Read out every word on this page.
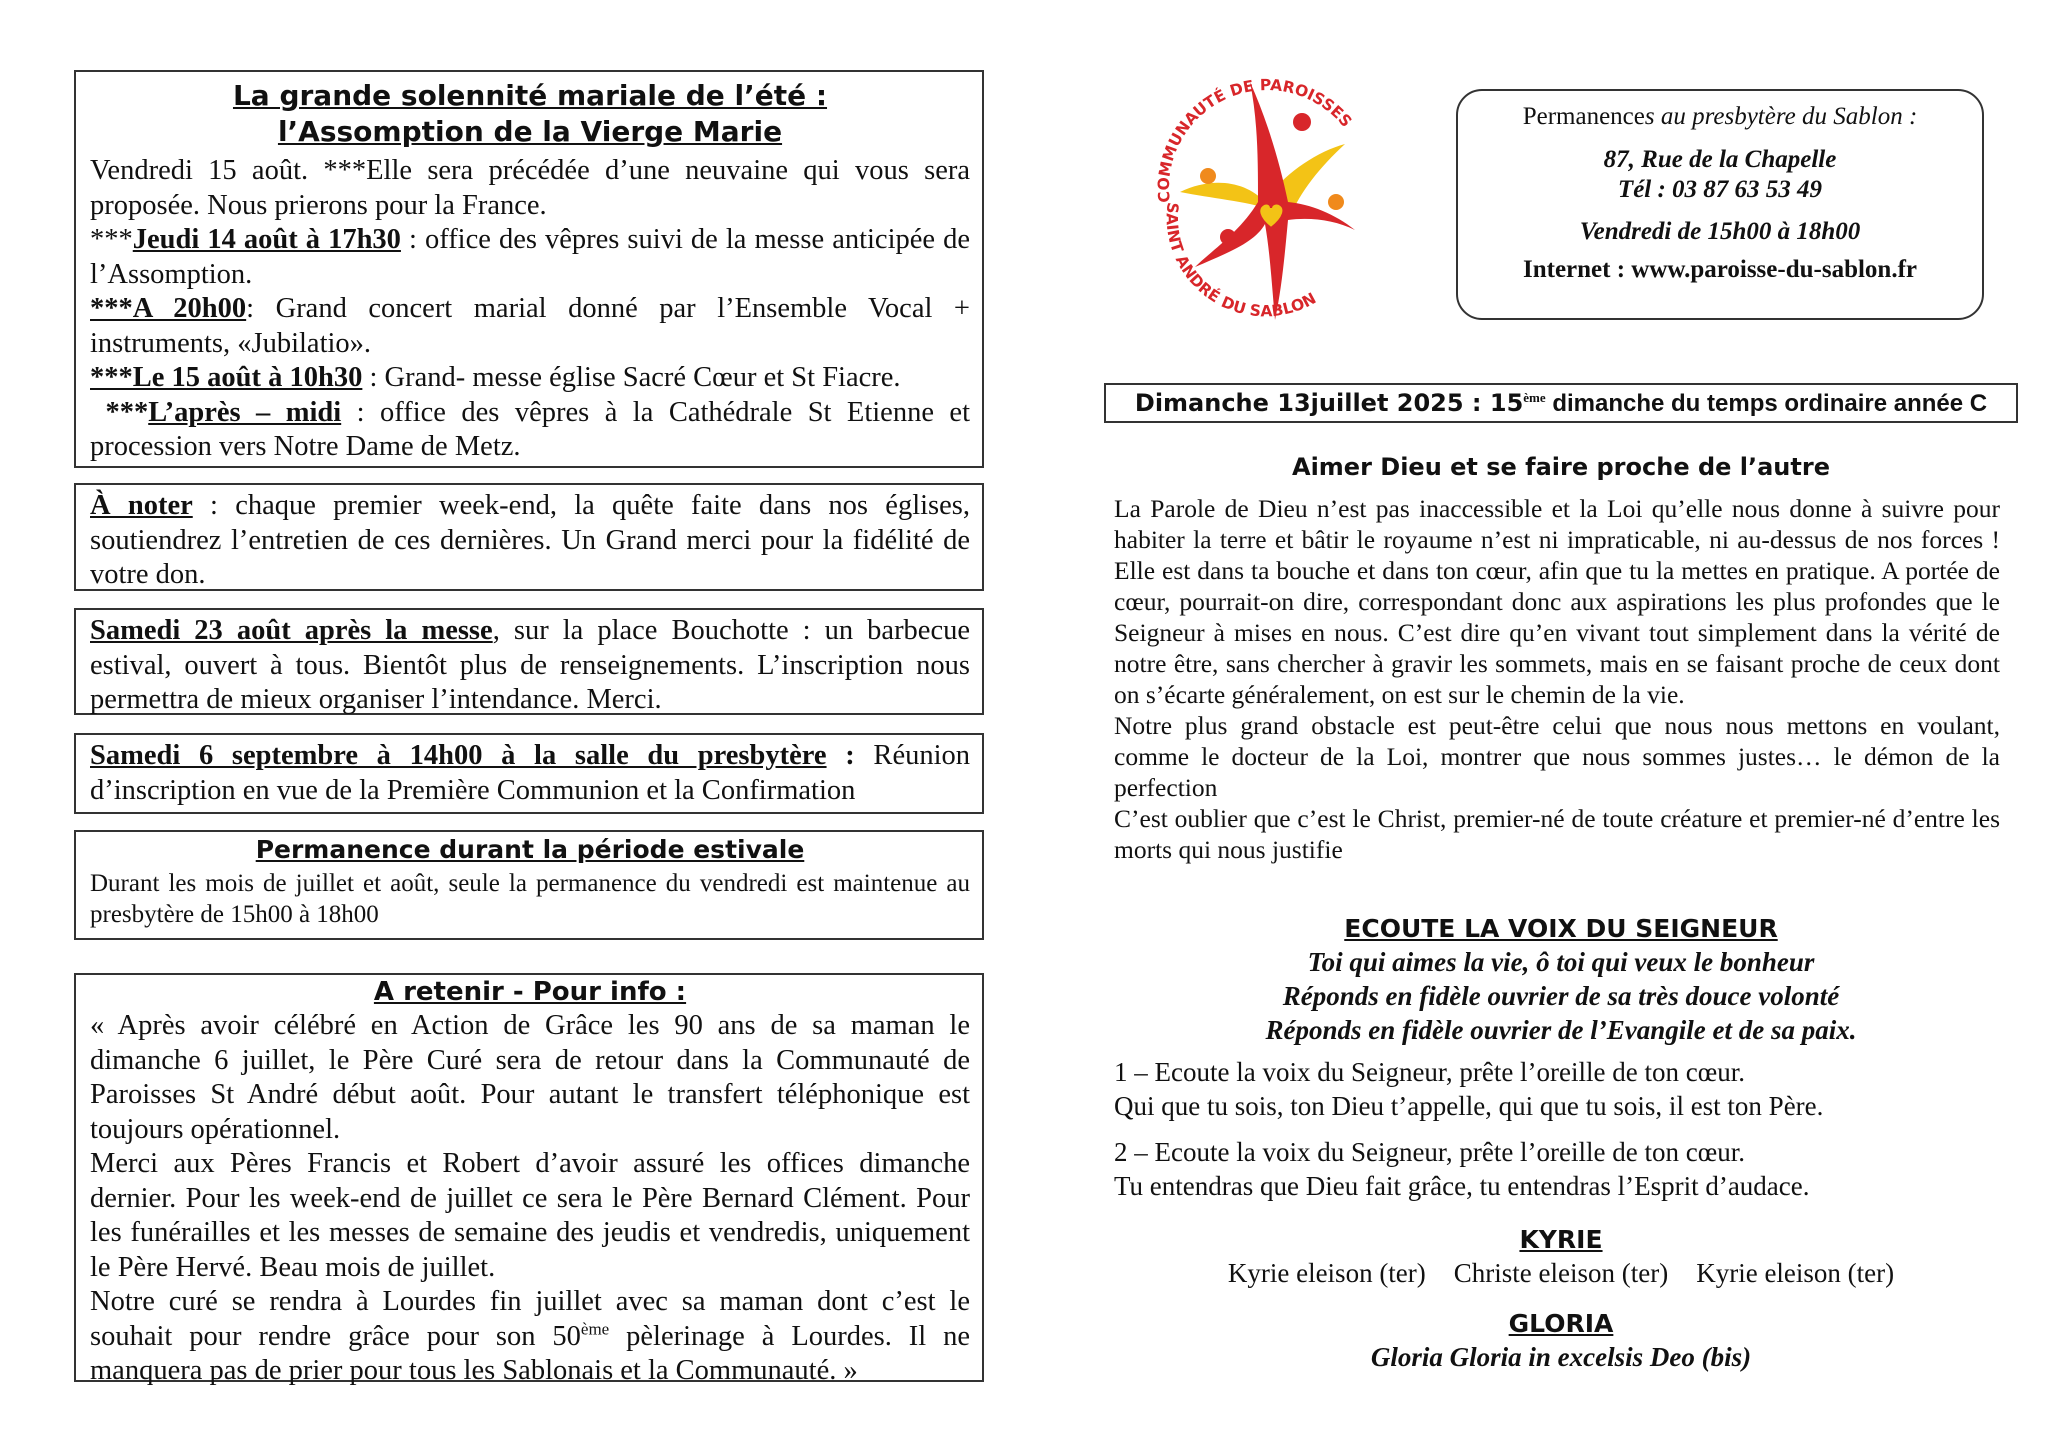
La grande solennité mariale de l’été :
l’Assomption de la Vierge Marie

Vendredi 15 août. ***Elle sera précédée d’une neuvaine qui vous sera proposée. Nous prierons pour la France.

***Jeudi 14 août à 17h30 : office des vêpres suivi de la messe anticipée de l’Assomption.

***A 20h00: Grand concert marial donné par l’Ensemble Vocal + instruments, «Jubilatio».

***Le 15 août à 10h30 : Grand- messe église Sacré Cœur et St Fiacre.

***L’après – midi : office des vêpres à la Cathédrale St Etienne et procession vers Notre Dame de Metz.

À noter : chaque premier week-end, la quête faite dans nos églises, soutiendrez l’entretien de ces dernières. Un Grand merci pour la fidélité de votre don.

Samedi 23 août après la messe, sur la place Bouchotte : un barbecue estival, ouvert à tous. Bientôt plus de renseignements. L’inscription nous permettra de mieux organiser l’intendance. Merci.

Samedi 6 septembre à 14h00 à la salle du presbytère : Réunion d’inscription en vue de la Première Communion et la Confirmation

Permanence durant la période estivale

Durant les mois de juillet et août, seule la permanence du vendredi est maintenue au presbytère de 15h00 à 18h00

A retenir - Pour info :

« Après avoir célébré en Action de Grâce les 90 ans de sa maman le dimanche 6 juillet, le Père Curé sera de retour dans la Communauté de Paroisses St André début août. Pour autant le transfert téléphonique est toujours opérationnel.

Merci aux Pères Francis et Robert d’avoir assuré les offices dimanche dernier. Pour les week-end de juillet ce sera le Père Bernard Clément. Pour les funérailles et les messes de semaine des jeudis et vendredis, uniquement le Père Hervé. Beau mois de juillet.

Notre curé se rendra à Lourdes fin juillet avec sa maman dont c’est le souhait pour rendre grâce pour son 50ème pèlerinage à Lourdes. Il ne manquera pas de prier pour tous les Sablonais et la Communauté. »

COMMUNAUTÉ DE PAROISSES
SAINT ANDRÉ DU SABLON
Permanences au presbytère du Sablon :
87, Rue de la Chapelle
Tél : 03 87 63 53 49
Vendredi de 15h00 à 18h00
Internet : www.paroisse-du-sablon.fr
Dimanche 13juillet 2025 : 15ème dimanche du temps ordinaire année C
Aimer Dieu et se faire proche de l’autre

La Parole de Dieu n’est pas inaccessible et la Loi qu’elle nous donne à suivre pour habiter la terre et bâtir le royaume n’est ni impraticable, ni au-dessus de nos forces ! Elle est dans ta bouche et dans ton cœur, afin que tu la mettes en pratique. A portée de cœur, pourrait-on dire, correspondant donc aux aspirations les plus profondes que le Seigneur à mises en nous. C’est dire qu’en vivant tout simplement dans la vérité de notre être, sans chercher à gravir les sommets, mais en se faisant proche de ceux dont on s’écarte généralement, on est sur le chemin de la vie.

Notre plus grand obstacle est peut-être celui que nous nous mettons en voulant, comme le docteur de la Loi, montrer que nous sommes justes… le démon de la perfection

C’est oublier que c’est le Christ, premier-né de toute créature et premier-né d’entre les morts qui nous justifie

ECOUTE LA VOIX DU SEIGNEUR
Toi qui aimes la vie, ô toi qui veux le bonheur
Réponds en fidèle ouvrier de sa très douce volonté
Réponds en fidèle ouvrier de l’Evangile et de sa paix.
1 – Ecoute la voix du Seigneur, prête l’oreille de ton cœur.
Qui que tu sois, ton Dieu t’appelle, qui que tu sois, il est ton Père.
2 – Ecoute la voix du Seigneur, prête l’oreille de ton cœur.
Tu entendras que Dieu fait grâce, tu entendras l’Esprit d’audace.
KYRIE
Kyrie eleison (ter) Christe eleison (ter) Kyrie eleison (ter)
GLORIA
Gloria Gloria in excelsis Deo (bis)
